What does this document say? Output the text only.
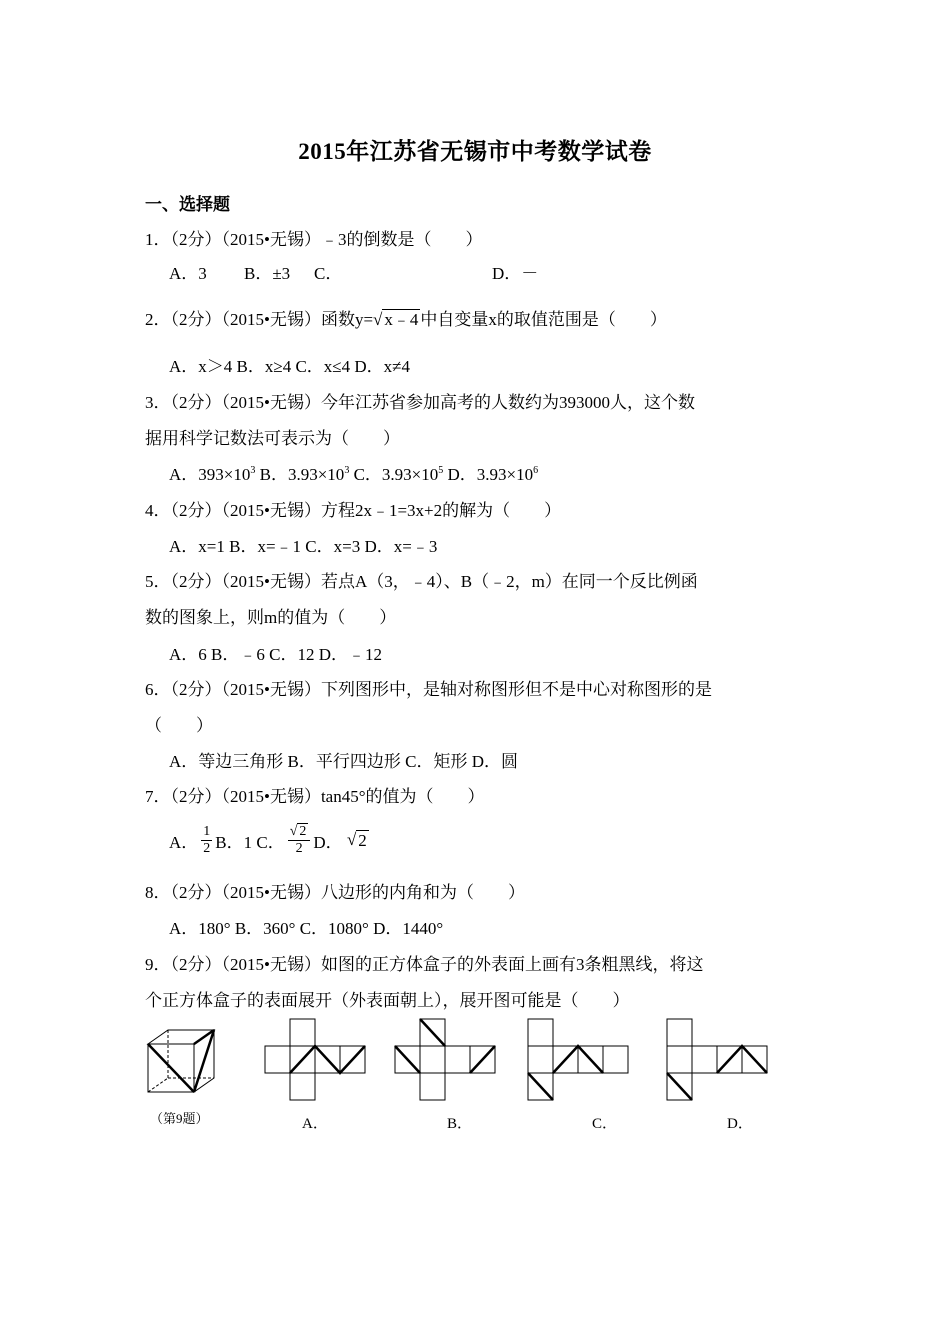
2015年江苏省无锡市中考数学试卷
一、选择题
1．（2分）（2015•无锡）﹣3的倒数是（　　）
A．3 B．±3 C．	D．－
2．（2分）（2015•无锡）函数y=√ x﹣4 中自变量x的取值范围是（　　）
A．x＞4 B．x≥4 C．x≤4 D．x≠4
3．（2分）（2015•无锡）今年江苏省参加高考的人数约为393000人，这个数
据用科学记数法可表示为（　　）
A．$393\times 10^3$ B．$3.93\times 10^3$ C．$3.93\times 10^5$ D．$3.93\times 10^6$
4．（2分）（2015•无锡）方程2x﹣1=3x+2的解为（　　）
A．x=1 B．x=﹣1 C．x=3 D．x=﹣3
5．（2分）（2015•无锡）若点A（3，﹣4）、B（﹣2，m）在同一个反比例函
数的图象上，则m的值为（　　）
A．6 B．﹣6 C．12 D．﹣12
6．（2分）（2015•无锡）下列图形中，是轴对称图形但不是中心对称图形的是
（　　）
A．等边三角形 B．平行四边形 C．矩形 D．圆
7．（2分）（2015•无锡）tan45°的值为（　　）
A． $\frac{1}{2}$ B．1 C． $\frac{√ 2}{2}$ D．
√ 2
8．（2分）（2015•无锡）八边形的内角和为（　　）
A．180° B．360° C．1080° D．1440°
9．（2分）（2015•无锡）如图的正方体盒子的外表面上画有3条粗黑线，将这
个正方体盒子的表面展开（外表面朝上），展开图可能是（　　）
（第9题）	A．	B．	C．	D．
